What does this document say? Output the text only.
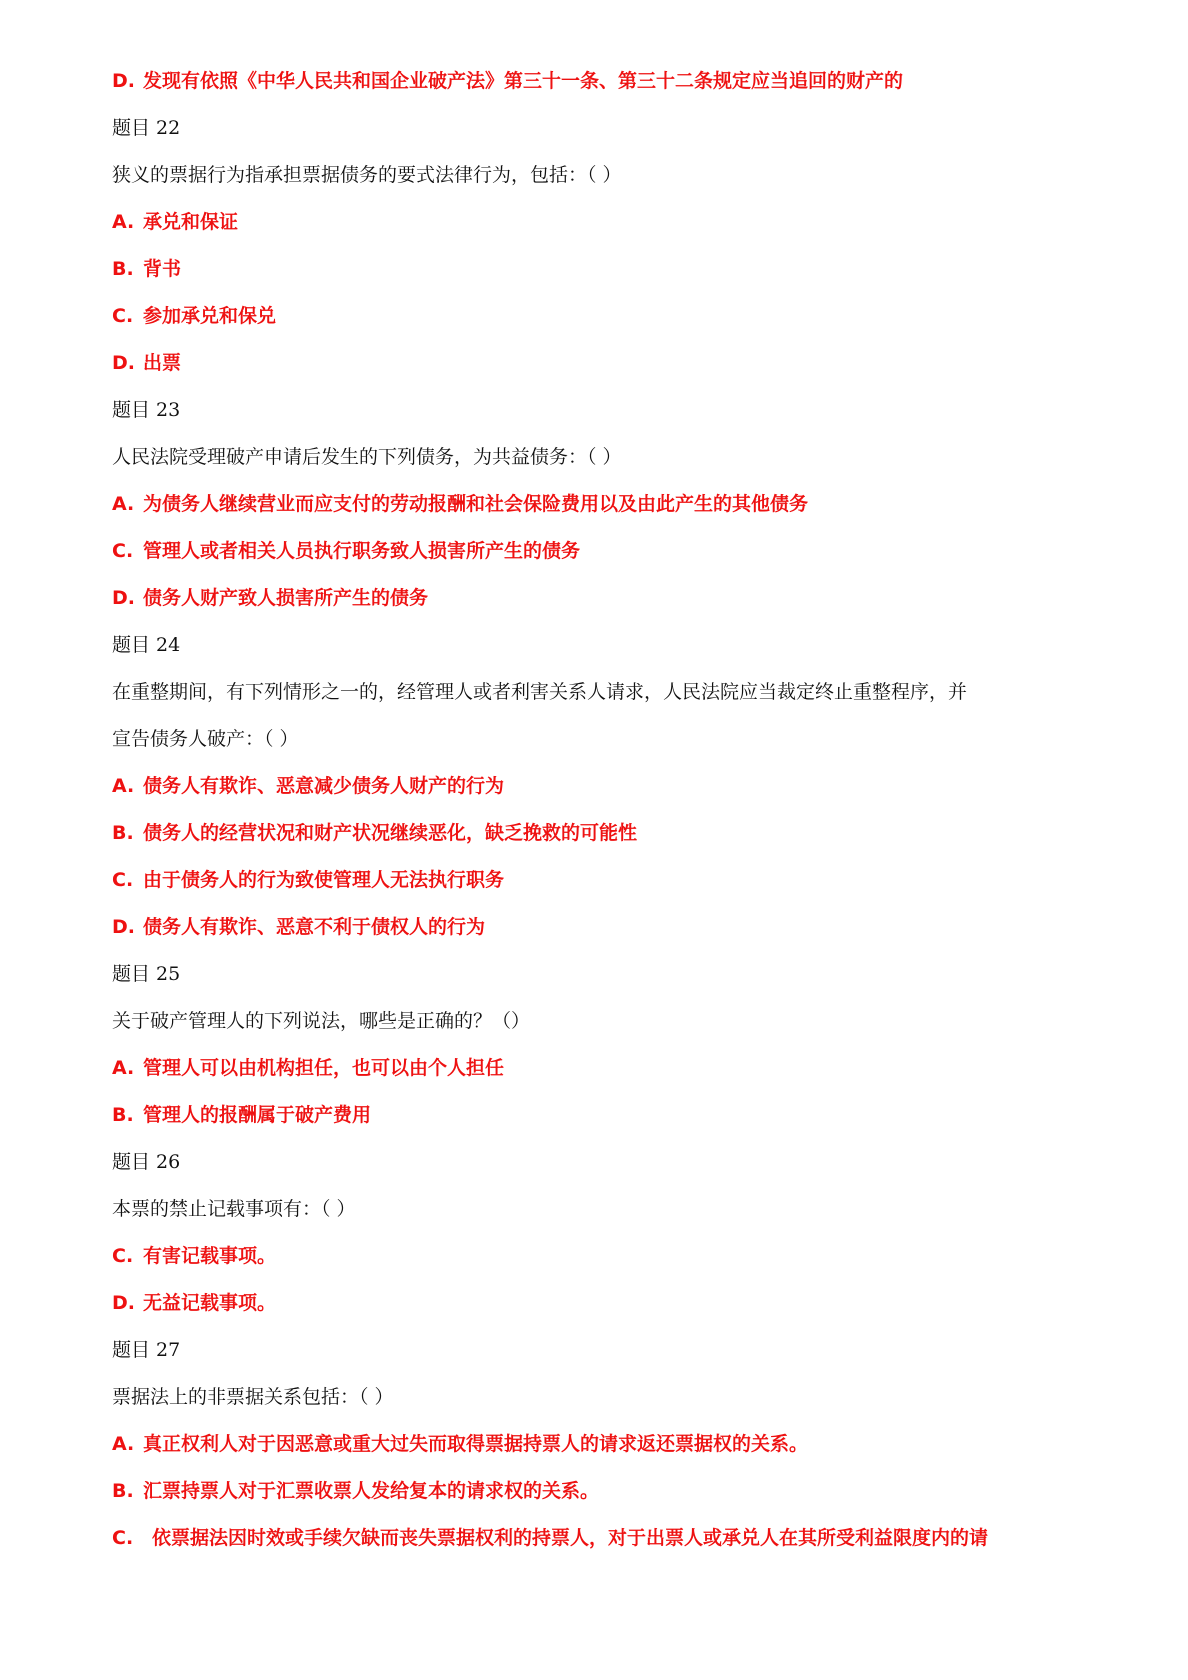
D. 发现有依照《中华人民共和国企业破产法》第三十一条、第三十二条规定应当追回的财产的
题目 22
狭义的票据行为指承担票据债务的要式法律行为，包括：（ ）
A. 承兑和保证
B. 背书
C. 参加承兑和保兑
D. 出票
题目 23
人民法院受理破产申请后发生的下列债务，为共益债务：（ ）
A. 为债务人继续营业而应支付的劳动报酬和社会保险费用以及由此产生的其他债务
C. 管理人或者相关人员执行职务致人损害所产生的债务
D. 债务人财产致人损害所产生的债务
题目 24
在重整期间，有下列情形之一的，经管理人或者利害关系人请求，人民法院应当裁定终止重整程序，并
宣告债务人破产：（ ）
A. 债务人有欺诈、恶意减少债务人财产的行为
B. 债务人的经营状况和财产状况继续恶化，缺乏挽救的可能性
C. 由于债务人的行为致使管理人无法执行职务
D. 债务人有欺诈、恶意不利于债权人的行为
题目 25
关于破产管理人的下列说法，哪些是正确的？（）
A. 管理人可以由机构担任，也可以由个人担任
B. 管理人的报酬属于破产费用
题目 26
本票的禁止记载事项有：（ ）
C. 有害记载事项。
D. 无益记载事项。
题目 27
票据法上的非票据关系包括：（ ）
A. 真正权利人对于因恶意或重大过失而取得票据持票人的请求返还票据权的关系。
B. 汇票持票人对于汇票收票人发给复本的请求权的关系。
C. 依票据法因时效或手续欠缺而丧失票据权利的持票人，对于出票人或承兑人在其所受利益限度内的请
